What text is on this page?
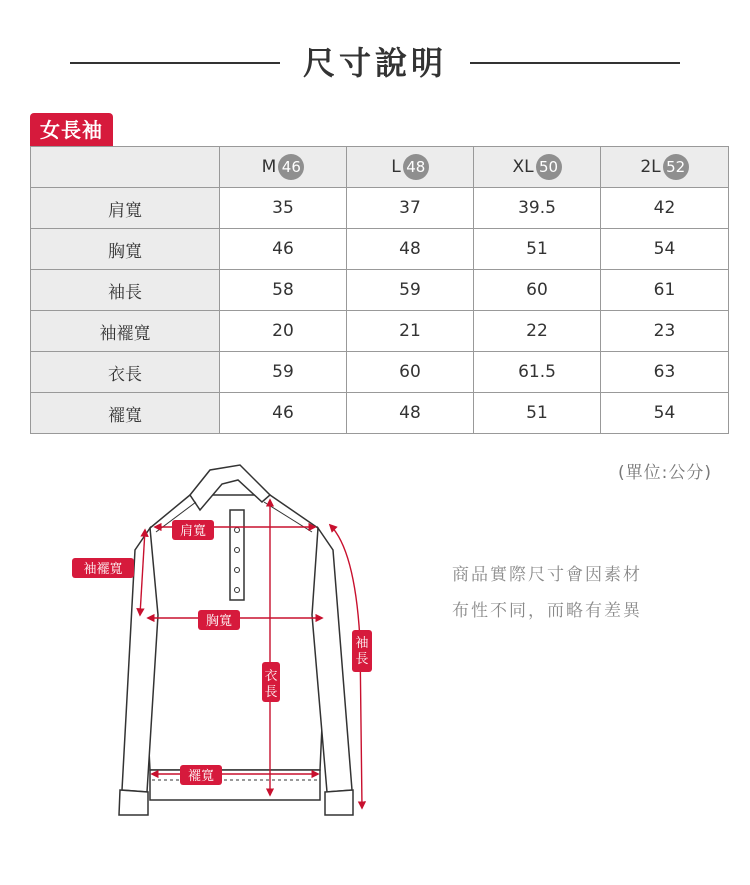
尺寸說明
女長袖

	M 46	L 48	XL 50	2L 52

肩寬	35	37	39.5	42
胸寬	46	48	51	54
袖長	58	59	60	61
袖襬寬	20	21	22	23
衣長	59	60	61.5	63
襬寬	46	48	51	54
(單位:公分)
肩寬
袖襬寬
胸寬
衣長
襬寬
袖長
商品實際尺寸會因素材
布性不同，而略有差異
